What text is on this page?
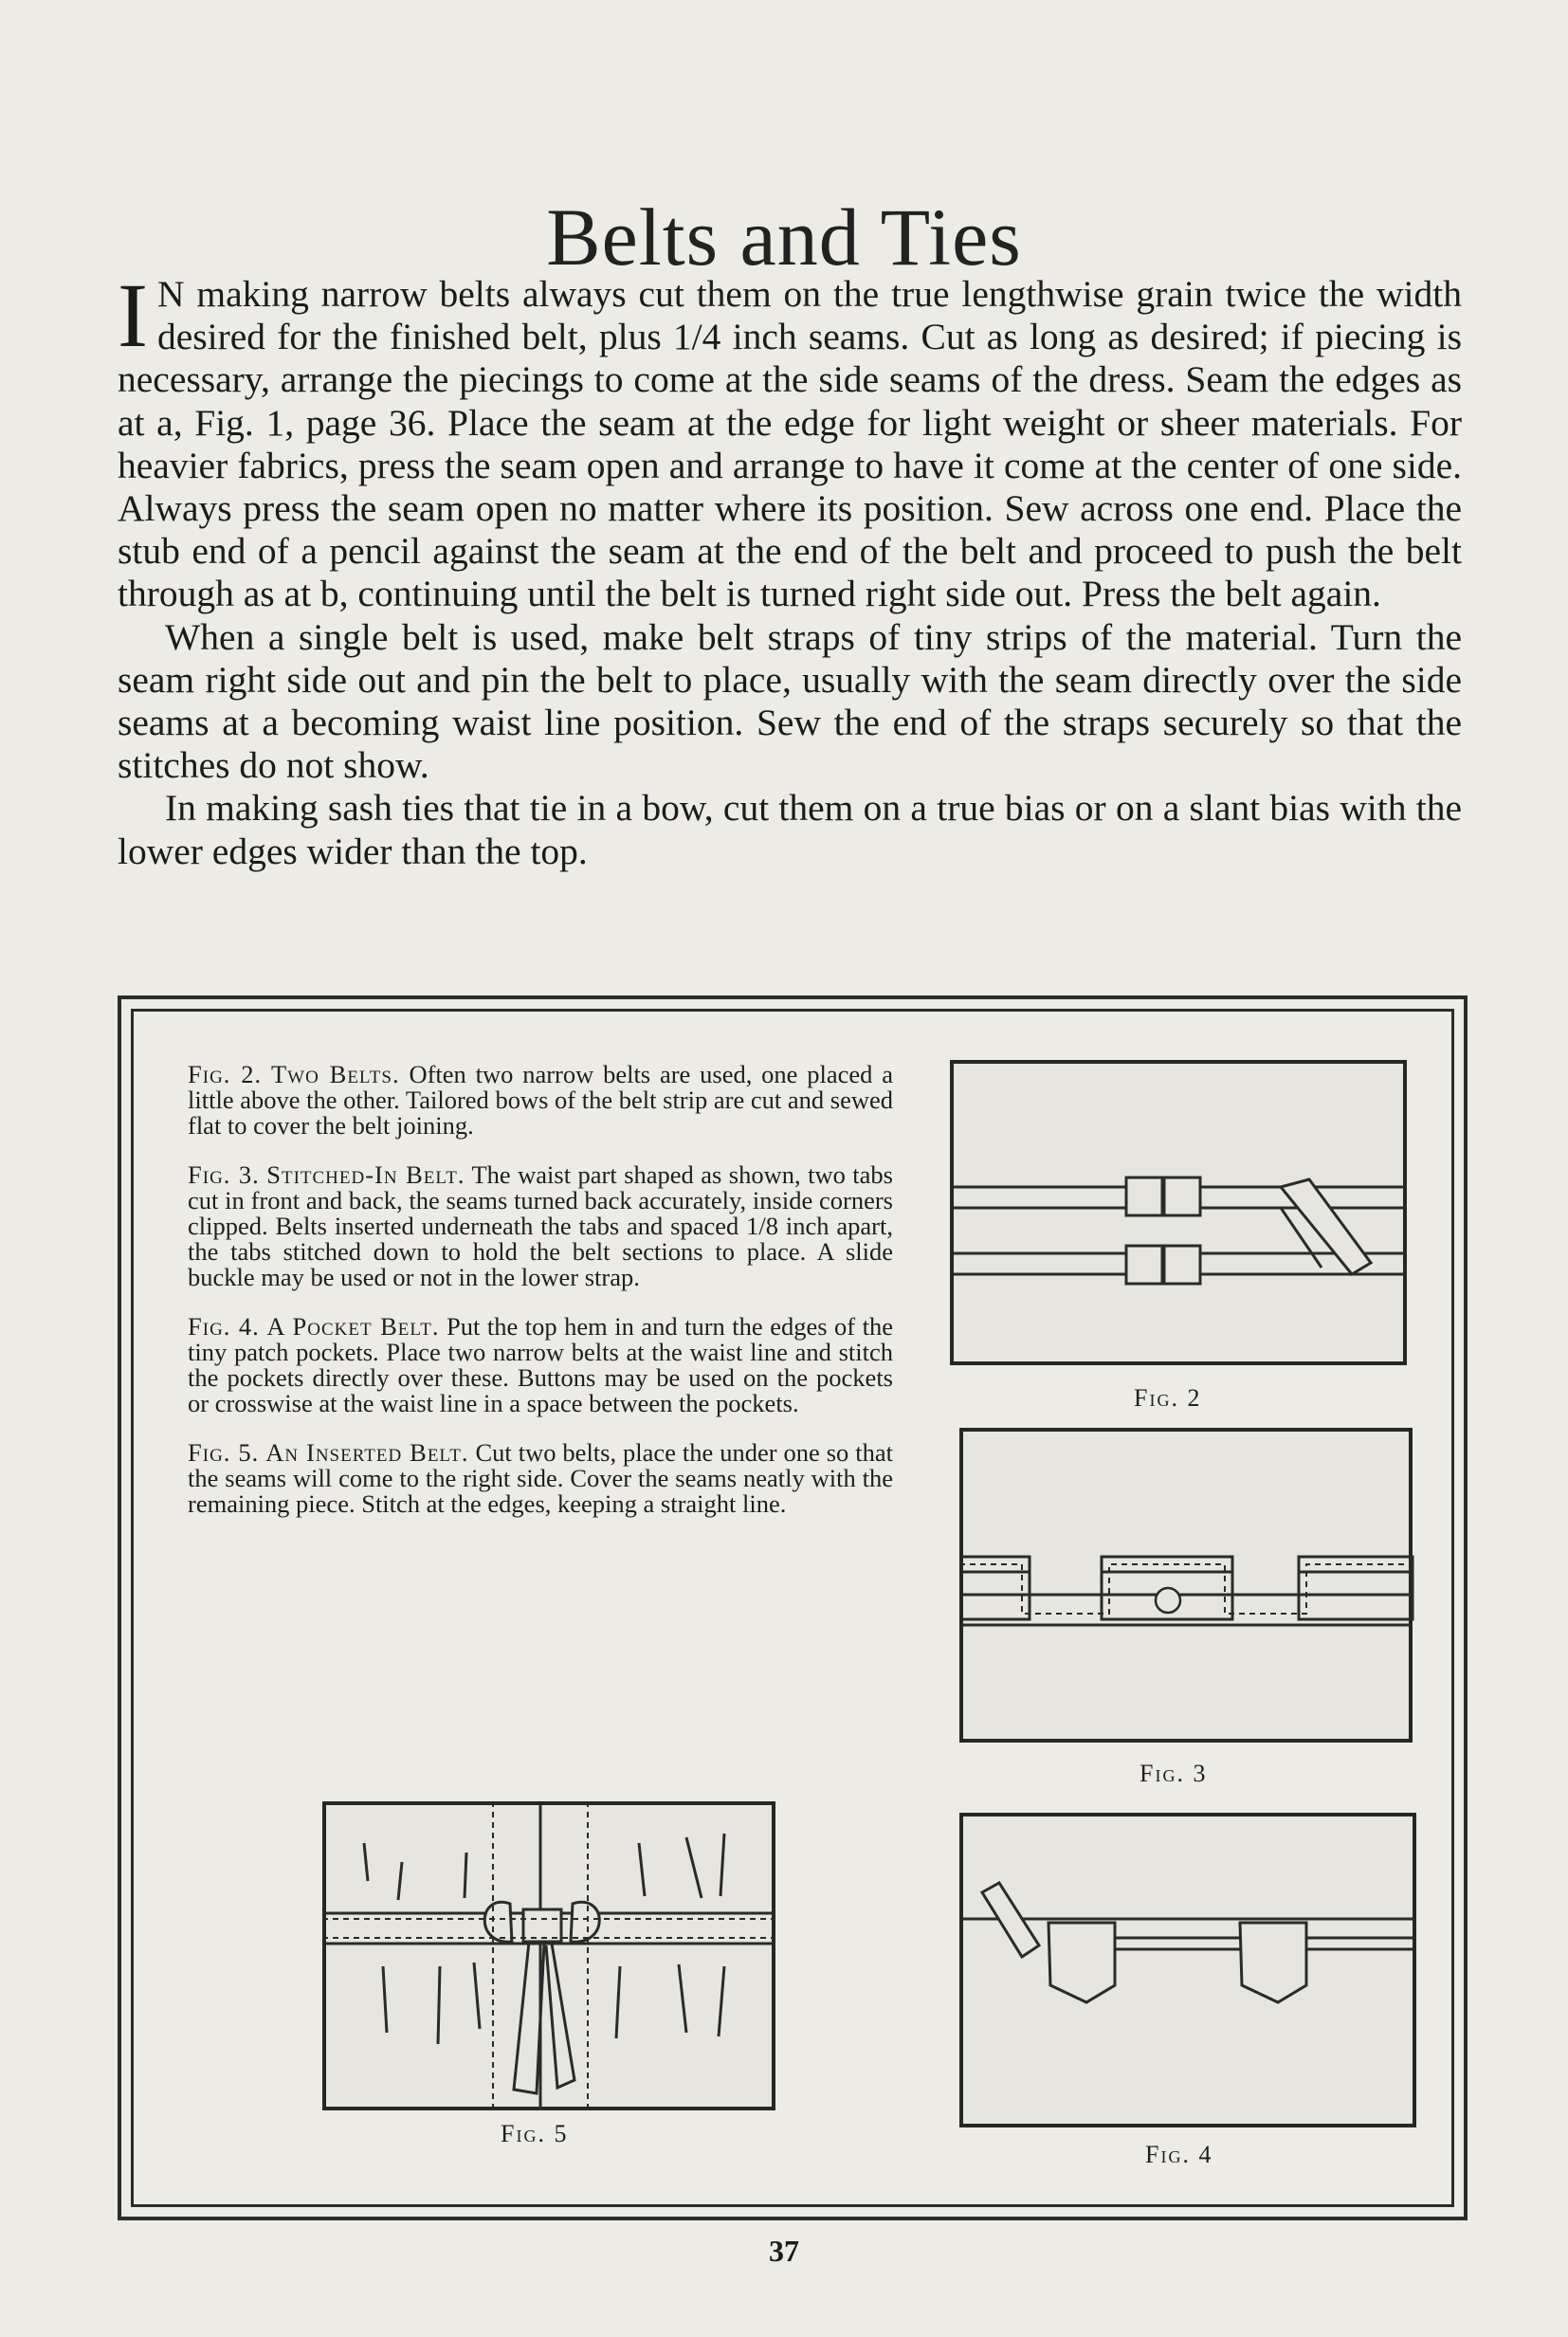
Belts and Ties

I N making narrow belts always cut them on the true lengthwise grain twice the width desired for the finished belt, plus 1/4 inch seams. Cut as long as desired; if piecing is necessary, arrange the piecings to come at the side seams of the dress. Seam the edges as at a, Fig. 1, page 36. Place the seam at the edge for light weight or sheer materials. For heavier fabrics, press the seam open and arrange to have it come at the center of one side. Always press the seam open no matter where its position. Sew across one end. Place the stub end of a pencil against the seam at the end of the belt and proceed to push the belt through as at b, continuing until the belt is turned right side out. Press the belt again.

When a single belt is used, make belt straps of tiny strips of the material. Turn the seam right side out and pin the belt to place, usually with the seam directly over the side seams at a becoming waist line position. Sew the end of the straps securely so that the stitches do not show.

In making sash ties that tie in a bow, cut them on a true bias or on a slant bias with the lower edges wider than the top.

Fig. 2. Two Belts. Often two narrow belts are used, one placed a little above the other. Tailored bows of the belt strip are cut and sewed flat to cover the belt joining.

Fig. 3. Stitched-In Belt. The waist part shaped as shown, two tabs cut in front and back, the seams turned back accurately, inside corners clipped. Belts inserted underneath the tabs and spaced 1/8 inch apart, the tabs stitched down to hold the belt sections to place. A slide buckle may be used or not in the lower strap.

Fig. 4. A Pocket Belt. Put the top hem in and turn the edges of the tiny patch pockets. Place two narrow belts at the waist line and stitch the pockets directly over these. Buttons may be used on the pockets or crosswise at the waist line in a space between the pockets.

Fig. 5. An Inserted Belt. Cut two belts, place the under one so that the seams will come to the right side. Cover the seams neatly with the remaining piece. Stitch at the edges, keeping a straight line.

Fig. 2
Fig. 3
Fig. 4
Fig. 5
37
